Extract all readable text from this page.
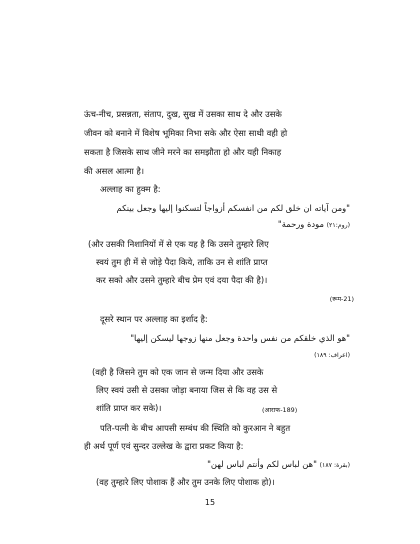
ऊंच-नीच, प्रसन्नता, संताप, दुख, सुख में उसका साथ दे और उसके
जीवन को बनाने में विशेष भूमिका निभा सके और ऐसा साथी वही हो
सकता है जिसके साथ जीने मरने का समझौता हो और यही निकाह
की असल आत्मा है।
अल्लाह का हुक्म है:
"ومن آياته ان خلق لكم من انفسكم أزواجاً لتسكنوا إليها وجعل بينكم
(روم:٢١) مودة ورحمة"
(और उसकी निशानियों में से एक यह है कि उसने तुम्हारे लिए
स्वयं तुम ही में से जोड़े पैदा किये, ताकि उन से शांति प्राप्त
कर सको और उसने तुम्हारे बीच प्रेम एवं दया पैदा की है)।
(रूम-21)
दूसरे स्थान पर अल्लाह का इर्शाद है:
"هو الذي خلقكم من نفس واحدة وجعل منها زوجها ليسكن إليها"
(اعراف: ١٨٩)
(वही है जिसने तुम को एक जान से जन्म दिया और उसके
लिए स्वयं उसी से उसका जोड़ा बनाया जिस से कि वह उस से
शांति प्राप्त कर सके)।	(आराफ-189)
पति-पत्नी के बीच आपसी सम्बंध की स्थिति को कुरआन ने बहुत
ही अर्थ पूर्ण एवं सुन्दर उल्लेख के द्वारा प्रकट किया है:
(بقرة: ١٨٧) "هن لباس لكم وأنتم لباس لهن"
(वह तुम्हारे लिए पोशाक हैं और तुम उनके लिए पोशाक हो)।
15
